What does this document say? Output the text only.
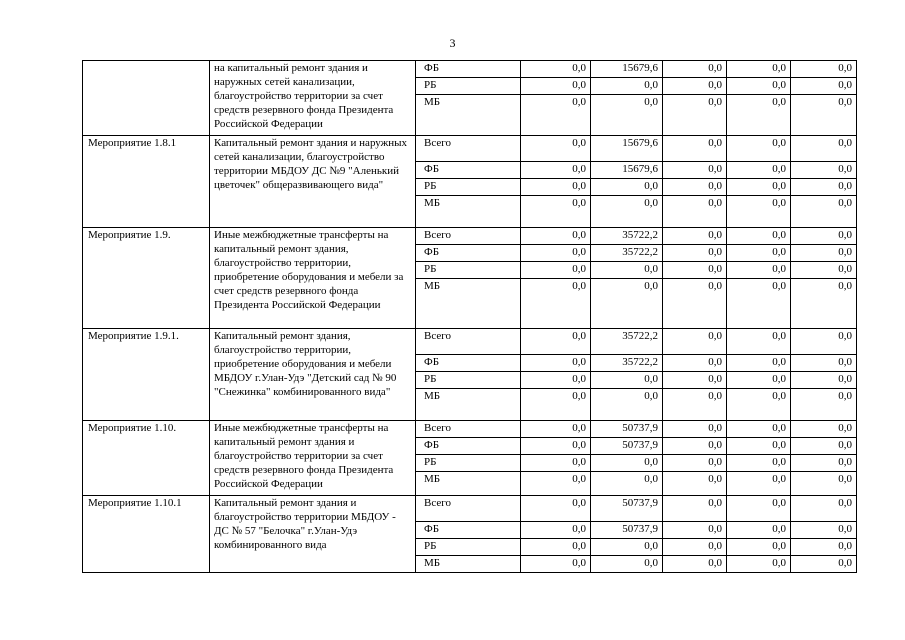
3
	на капитальный ремонт здания и наружных сетей канализации, благоустройство территории за счет средств резервного фонда Президента Российской Федерации	ФБ	0,0	15679,6	0,0	0,0	0,0
		РБ	0,0	0,0	0,0	0,0	0,0
		МБ	0,0	0,0	0,0	0,0	0,0
Мероприятие 1.8.1	Капитальный ремонт здания и наружных сетей канализации, благоустройство территории МБДОУ ДС №9 "Аленький цветочек" общеразвивающего вида"	Всего	0,0	15679,6	0,0	0,0	0,0
		ФБ	0,0	15679,6	0,0	0,0	0,0
		РБ	0,0	0,0	0,0	0,0	0,0
		МБ	0,0	0,0	0,0	0,0	0,0
Мероприятие 1.9.	Иные межбюджетные трансферты на капитальный ремонт здания, благоустройство территории, приобретение оборудования и мебели за счет средств резервного фонда Президента Российской Федерации	Всего	0,0	35722,2	0,0	0,0	0,0
		ФБ	0,0	35722,2	0,0	0,0	0,0
		РБ	0,0	0,0	0,0	0,0	0,0
		МБ	0,0	0,0	0,0	0,0	0,0
Мероприятие 1.9.1.	Капитальный ремонт здания, благоустройство территории, приобретение оборудования и мебели МБДОУ г.Улан-Удэ "Детский сад № 90 "Снежинка" комбинированного вида"	Всего	0,0	35722,2	0,0	0,0	0,0
		ФБ	0,0	35722,2	0,0	0,0	0,0
		РБ	0,0	0,0	0,0	0,0	0,0
		МБ	0,0	0,0	0,0	0,0	0,0
Мероприятие 1.10.	Иные межбюджетные трансферты на капитальный ремонт здания и благоустройство территории за счет средств резервного фонда Президента Российской Федерации	Всего	0,0	50737,9	0,0	0,0	0,0
		ФБ	0,0	50737,9	0,0	0,0	0,0
		РБ	0,0	0,0	0,0	0,0	0,0
		МБ	0,0	0,0	0,0	0,0	0,0
Мероприятие 1.10.1	Капитальный ремонт здания и благоустройство территории МБДОУ - ДС № 57 "Белочка" г.Улан-Удэ комбинированного вида	Всего	0,0	50737,9	0,0	0,0	0,0
		ФБ	0,0	50737,9	0,0	0,0	0,0
		РБ	0,0	0,0	0,0	0,0	0,0
		МБ	0,0	0,0	0,0	0,0	0,0
